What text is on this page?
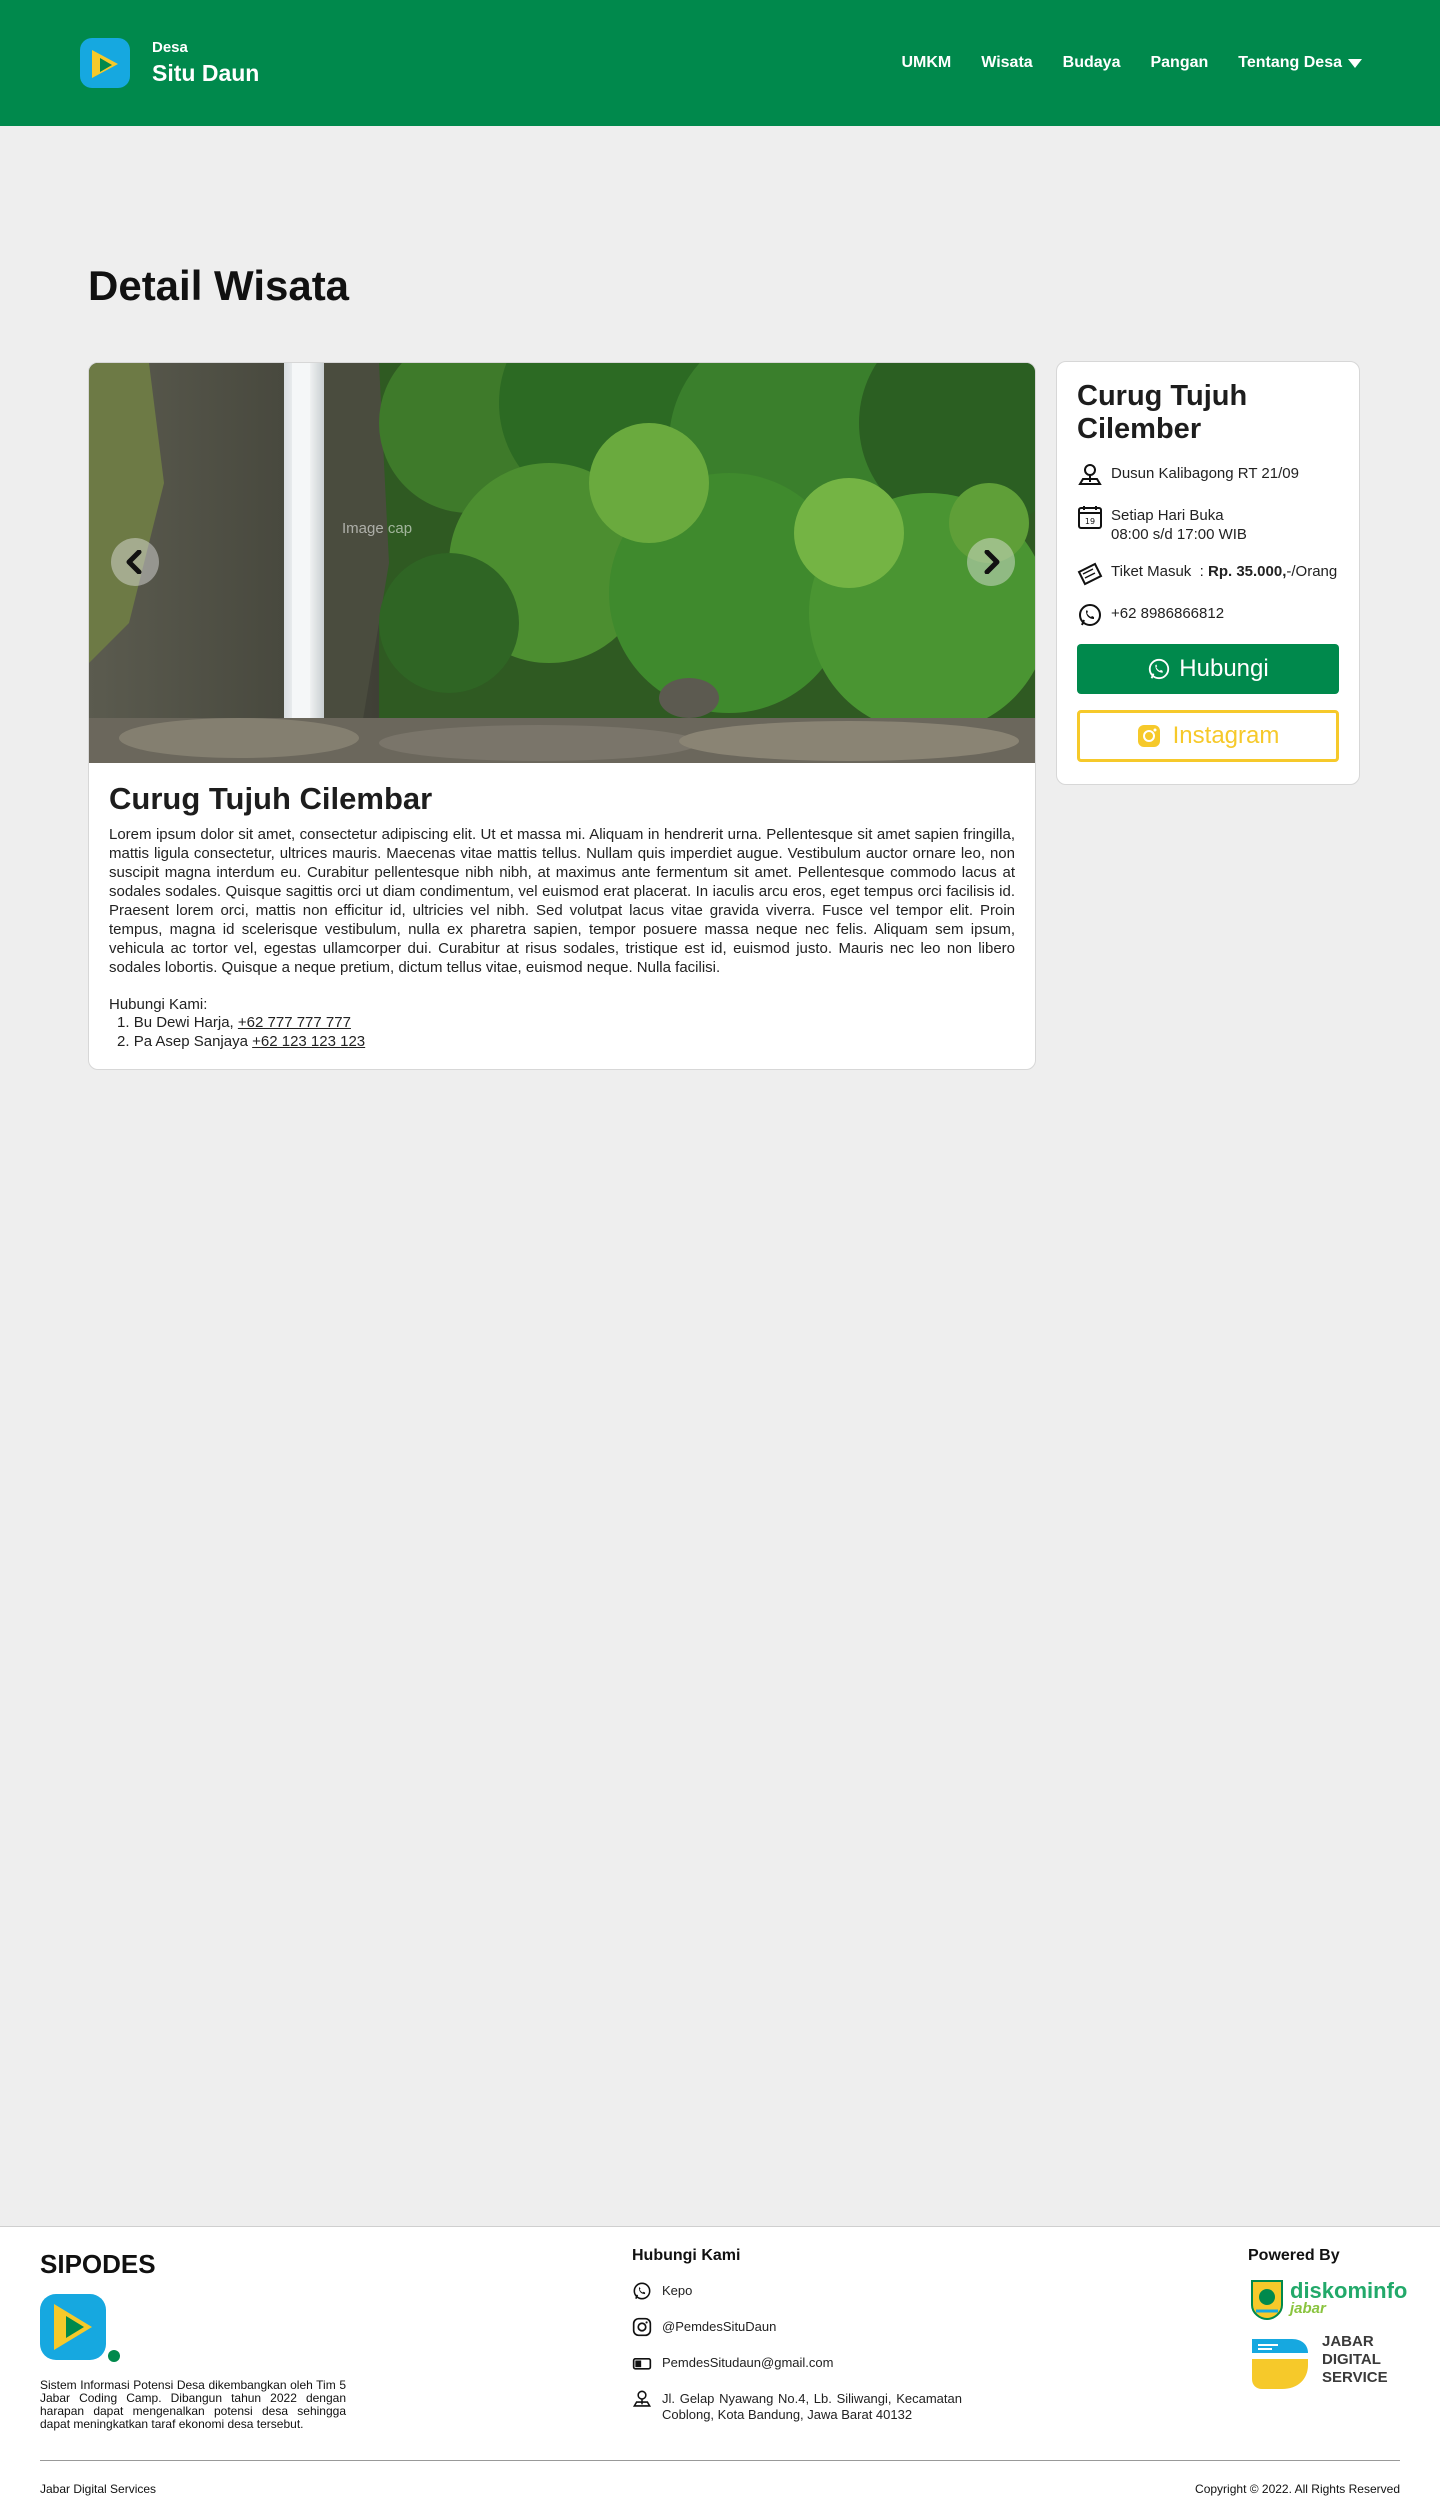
Desa
Situ Daun	UMKM Wisata Budaya Pangan Tentang Desa
Detail Wisata
Image cap
Curug Tujuh Cilembar

Lorem ipsum dolor sit amet, consectetur adipiscing elit. Ut et massa mi. Aliquam in hendrerit urna. Pellentesque sit amet sapien fringilla, mattis ligula consectetur, ultrices mauris. Maecenas vitae mattis tellus. Nullam quis imperdiet augue. Vestibulum auctor ornare leo, non suscipit magna interdum eu. Curabitur pellentesque nibh nibh, at maximus ante fermentum sit amet. Pellentesque commodo lacus at sodales sodales. Quisque sagittis orci ut diam condimentum, vel euismod erat placerat. In iaculis arcu eros, eget tempus orci facilisis id. Praesent lorem orci, mattis non efficitur id, ultricies vel nibh. Sed volutpat lacus vitae gravida viverra. Fusce vel tempor elit. Proin tempus, magna id scelerisque vestibulum, nulla ex pharetra sapien, tempor posuere massa neque nec felis. Aliquam sem ipsum, vehicula ac tortor vel, egestas ullamcorper dui. Curabitur at risus sodales, tristique est id, euismod justo. Mauris nec leo non libero sodales lobortis. Quisque a neque pretium, dictum tellus vitae, euismod neque. Nulla facilisi.

Hubungi Kami:

1. Bu Dewi Harja, +62 777 777 777
2. Pa Asep Sanjaya +62 123 123 123
Curug Tujuh Cilember
Dusun Kalibagong RT 21/09
19 Setiap Hari Buka
08:00 s/d 17:00 WIB
Tiket Masuk : Rp. 35.000,-/Orang
+62 8986866812
Hubungi
Instagram
SIPODES

Sistem Informasi Potensi Desa dikembangkan oleh Tim 5 Jabar Coding Camp. Dibangun tahun 2022 dengan harapan dapat mengenalkan potensi desa sehingga dapat meningkatkan taraf ekonomi desa tersebut.

Hubungi Kami
Kepo
@PemdesSituDaun
PemdesSitudaun@gmail.com
Jl. Gelap Nyawang No.4, Lb. Siliwangi, Kecamatan Coblong, Kota Bandung, Jawa Barat 40132
Powered By
diskominfo
jabar
JABAR
DIGITAL
SERVICE
Jabar Digital Services	Copyright © 2022. All Rights Reserved
